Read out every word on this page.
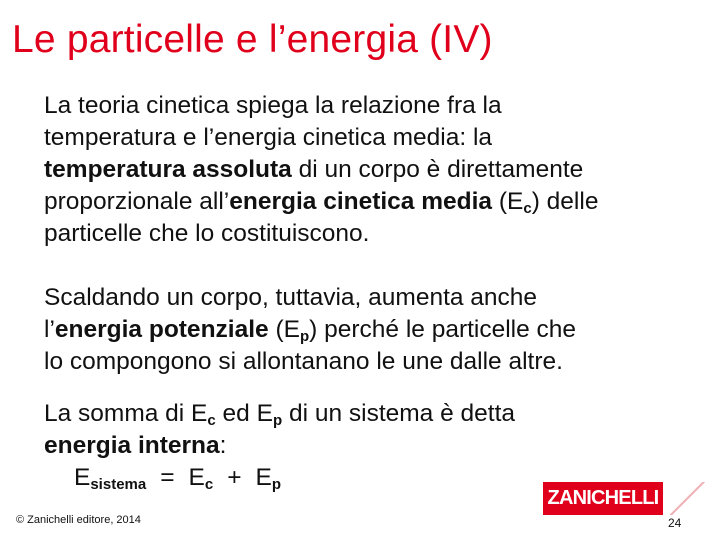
Le particelle e l’energia (IV)
La teoria cinetica spiega la relazione fra la
temperatura e l’energia cinetica media: la
temperatura assoluta di un corpo è direttamente
proporzionale all’energia cinetica media $(E_c)$ delle
particelle che lo costituiscono.
Scaldando un corpo, tuttavia, aumenta anche
l’energia potenziale $(E_p)$ perché le particelle che
lo compongono si allontanano le une dalle altre.
La somma di $E_c$ ed $E_p$ di un sistema è detta
energia interna:
$E_{sistema} = E_c + E_p$
ZANICHELLI
© Zanichelli editore, 2014	24
